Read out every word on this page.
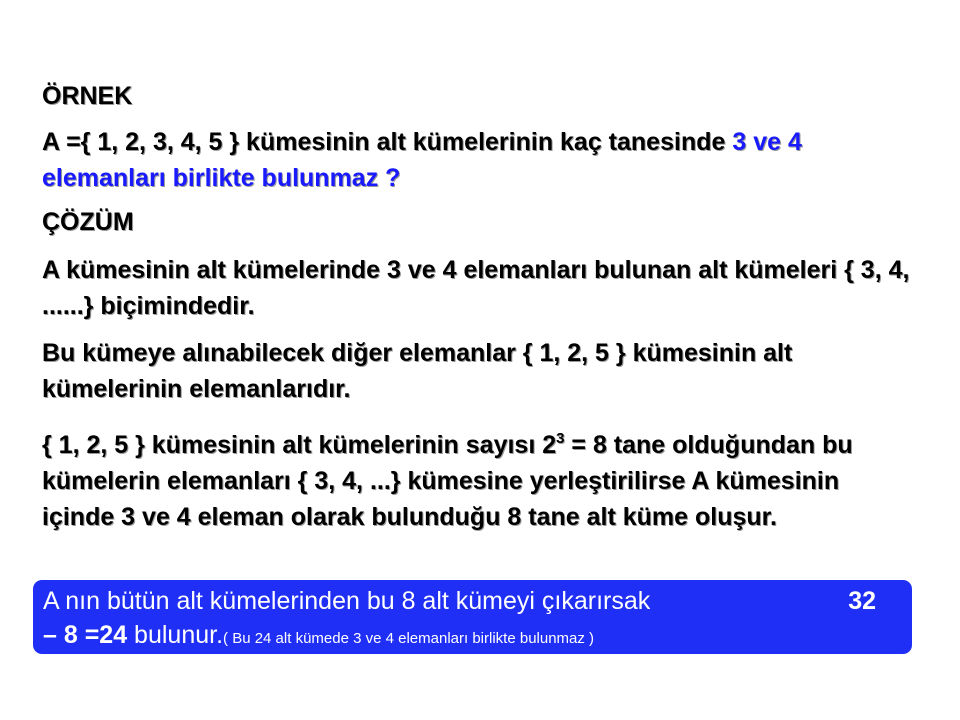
ÖRNEK
A ={ 1, 2, 3, 4, 5 } kümesinin alt kümelerinin kaç tanesinde 3 ve 4 elemanları birlikte bulunmaz ?
ÇÖZÜM
A kümesinin alt kümelerinde 3 ve 4 elemanları bulunan alt kümeleri { 3, 4, ......} biçimindedir.
Bu kümeye alınabilecek diğer elemanlar { 1, 2, 5 } kümesinin alt kümelerinin elemanlarıdır.
{ 1, 2, 5 } kümesinin alt kümelerinin sayısı $2^3 = 8$ tane olduğundan bu kümelerin elemanları { 3, 4, ...} kümesine yerleştirilirse A kümesinin içinde 3 ve 4 eleman olarak bulunduğu 8 tane alt küme oluşur.
A nın bütün alt kümelerinden bu 8 alt kümeyi çıkarırsak	32
– 8 =24 bulunur.( Bu 24 alt kümede 3 ve 4 elemanları birlikte bulunmaz )
